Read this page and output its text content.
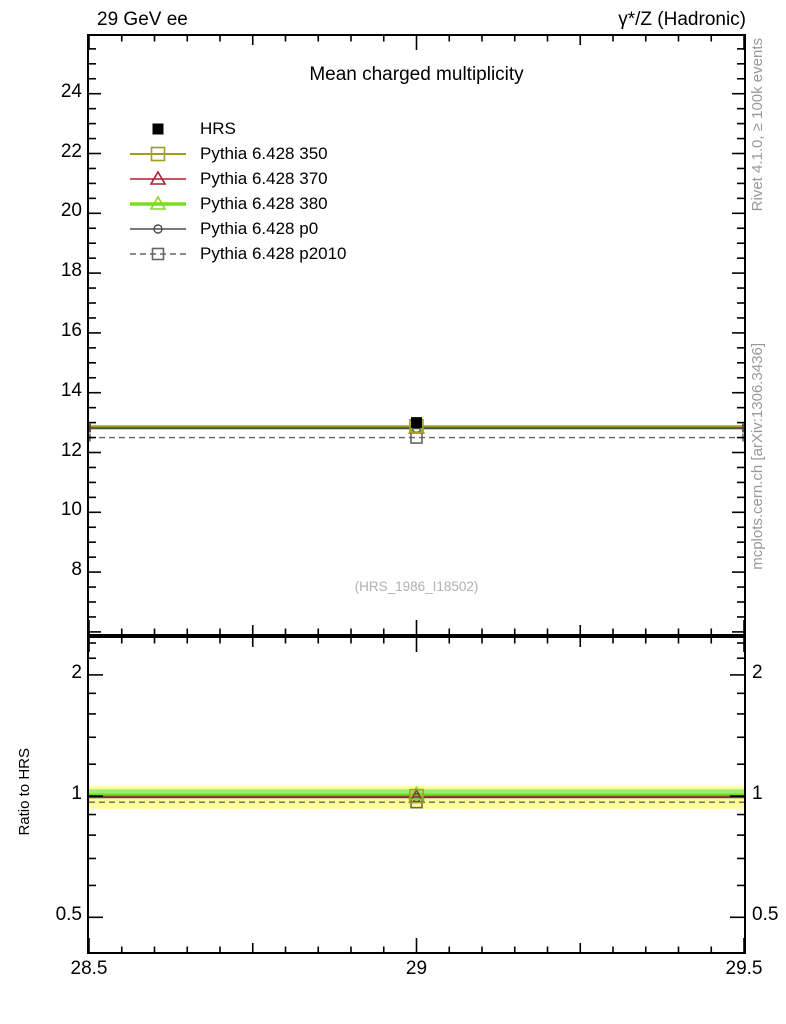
29 GeV ee	γ*/Z (Hadronic)
Mean charged multiplicity
HRS
Pythia 6.428 350
Pythia 6.428 370
Pythia 6.428 380
Pythia 6.428 p0
Pythia 6.428 p2010
(HRS_1986_I18502)
Rivet 4.1.0, ≥ 100k events
mcplots.cern.ch [arXiv:1306.3436]
Ratio to HRS
8
10
12
14
16
18
20
22
24
2	2
1	1
0.5	0.5
28.5	29	29.5
